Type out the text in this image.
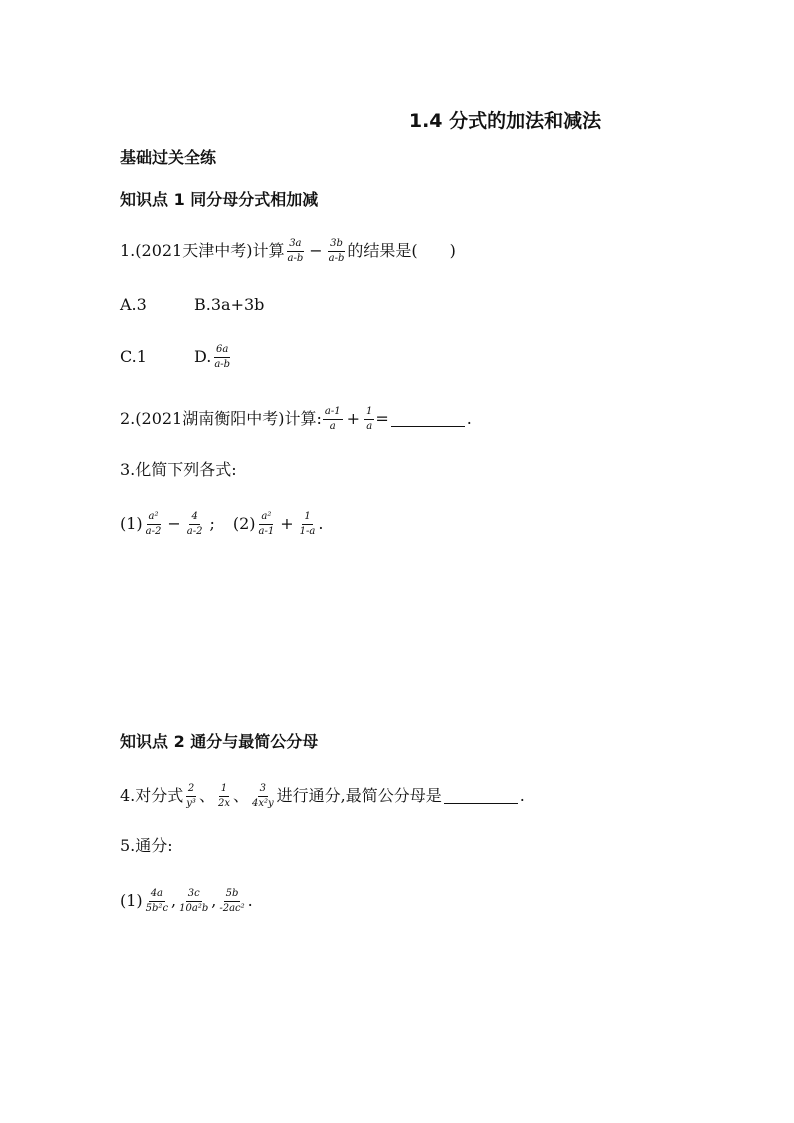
1.4 分式的加法和减法
基础过关全练
知识点 1 同分母分式相加减
1.(2021天津中考)计算 $\frac{3a}{a-b} - \frac{3b}{a-b}$ 的结果是( )
A.3	B.3a+3b
C.1	D. $\frac{6a}{a-b}$
2.(2021湖南衡阳中考)计算: $\frac{a-1}{a} + \frac{1}{a}$ =	.
3.化简下列各式:
$(1) \frac{\text{a²}}{a-2} - \frac{4}{a-2}$ ; $(2) \frac{\text{a²}}{a-1} + \frac{1}{1-a}$ .
知识点 2 通分与最简公分母
4.对分式 $\frac{2}{\text{y³}}$ 、 $\frac{1}{2x}$ 、 $\frac{3}{\text{4x²y}}$ 进行通分,最简公分母是	.
5.通分:
$(1) \frac{4a}{\text{5b²c}}$ , $\frac{3c}{\text{10a²b}}$ , $\frac{5b}{\text{-2ac²}}$ .
